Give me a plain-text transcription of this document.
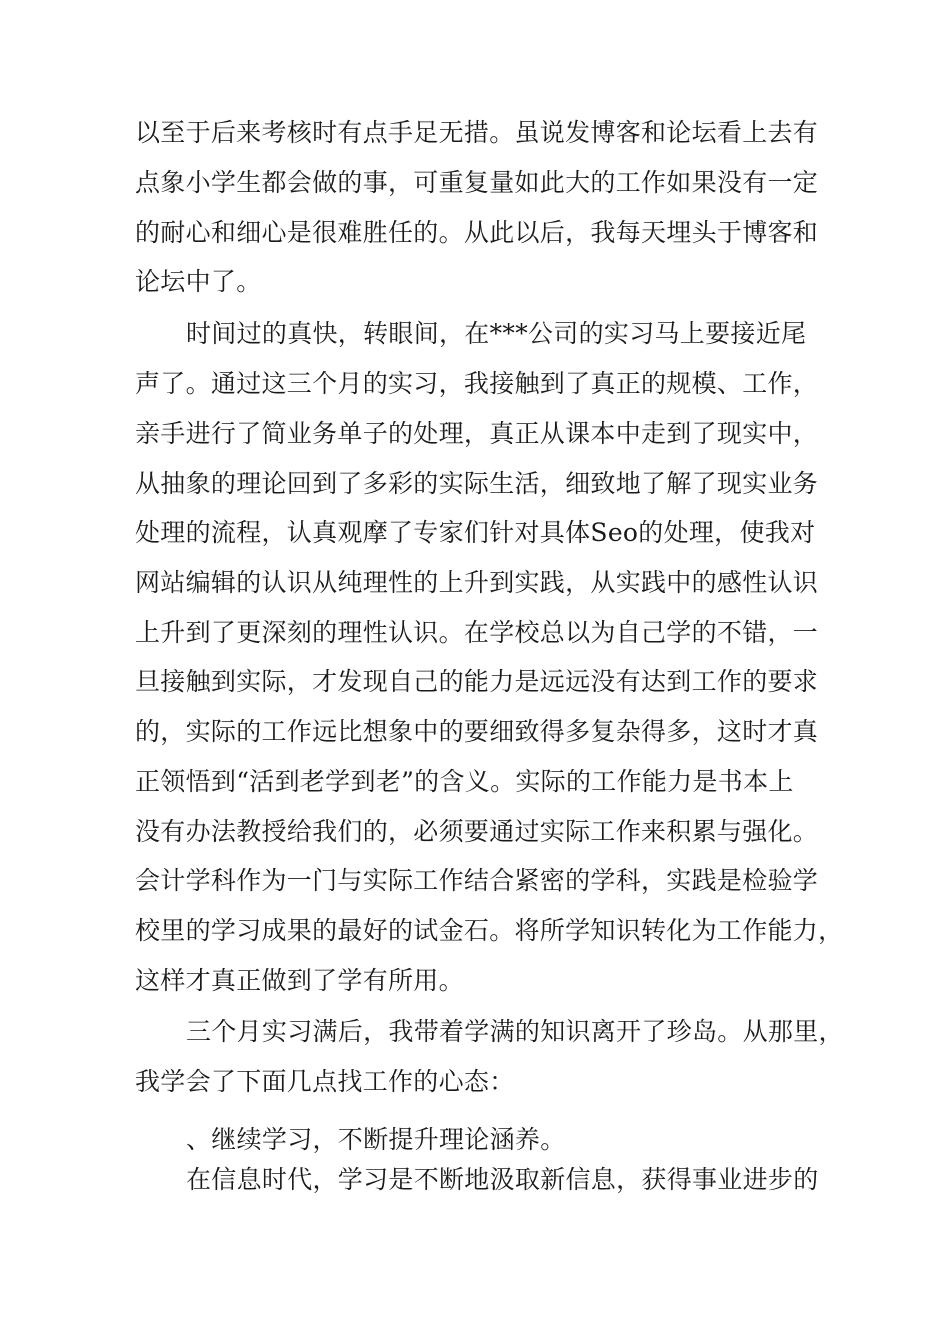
以至于后来考核时有点手足无措。虽说发博客和论坛看上去有
点象小学生都会做的事，可重复量如此大的工作如果没有一定
的耐心和细心是很难胜任的。从此以后，我每天埋头于博客和
论坛中了。
时间过的真快，转眼间，在***公司的实习马上要接近尾
声了。通过这三个月的实习，我接触到了真正的规模、工作，
亲手进行了简业务单子的处理，真正从课本中走到了现实中，
从抽象的理论回到了多彩的实际生活，细致地了解了现实业务
处理的流程，认真观摩了专家们针对具体Seo的处理，使我对
网站编辑的认识从纯理性的上升到实践，从实践中的感性认识
上升到了更深刻的理性认识。在学校总以为自己学的不错，一
旦接触到实际，才发现自己的能力是远远没有达到工作的要求
的，实际的工作远比想象中的要细致得多复杂得多，这时才真
正领悟到“活到老学到老”的含义。实际的工作能力是书本上
没有办法教授给我们的，必须要通过实际工作来积累与强化。
会计学科作为一门与实际工作结合紧密的学科，实践是检验学
校里的学习成果的最好的试金石。将所学知识转化为工作能力，
这样才真正做到了学有所用。
三个月实习满后，我带着学满的知识离开了珍岛。从那里，
我学会了下面几点找工作的心态：
、继续学习，不断提升理论涵养。
在信息时代，学习是不断地汲取新信息，获得事业进步的
